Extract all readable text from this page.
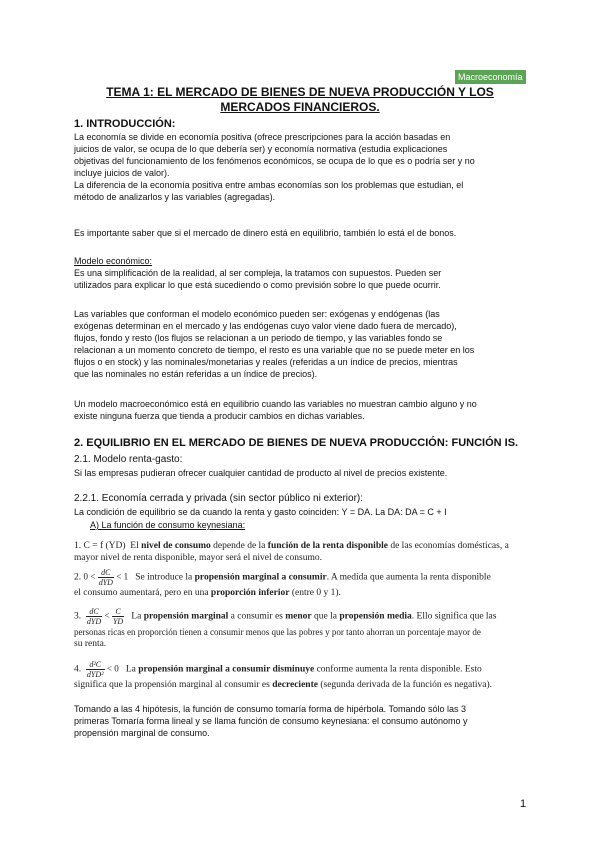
Macroeconomía
TEMA 1: EL MERCADO DE BIENES DE NUEVA PRODUCCIÓN Y LOS
MERCADOS FINANCIEROS.
1. INTRODUCCIÓN:
La economía se divide en economía positiva (ofrece prescripciones para la acción basadas en
juicios de valor, se ocupa de lo que debería ser) y economía normativa (estudia explicaciones
objetivas del funcionamiento de los fenómenos económicos, se ocupa de lo que es o podría ser y no
incluye juicios de valor).
La diferencia de la economía positiva entre ambas economías son los problemas que estudian, el
método de analizarlos y las variables (agregadas).
Es importante saber que si el mercado de dinero está en equilibrio, también lo está el de bonos.
Modelo económico:
Es una simplificación de la realidad, al ser compleja, la tratamos con supuestos. Pueden ser
utilizados para explicar lo que está sucediendo o como previsión sobre lo que puede ocurrir.
Las variables que conforman el modelo económico pueden ser: exógenas y endógenas (las
exógenas determinan en el mercado y las endógenas cuyo valor viene dado fuera de mercado),
flujos, fondo y resto (los flujos se relacionan a un periodo de tiempo, y las variables fondo se
relacionan a un momento concreto de tiempo, el resto es una variable que no se puede meter en los
flujos o en stock) y las nominales/monetarias y reales (referidas a un índice de precios, mientras
que las nominales no están referidas a un índice de precios).
Un modelo macroeconómico está en equilibrio cuando las variables no muestran cambio alguno y no
existe ninguna fuerza que tienda a producir cambios en dichas variables.
2. EQUILIBRIO EN EL MERCADO DE BIENES DE NUEVA PRODUCCIÓN: FUNCIÓN IS.
2.1. Modelo renta-gasto:
Si las empresas pudieran ofrecer cualquier cantidad de producto al nivel de precios existente.
2.2.1. Economía cerrada y privada (sin sector público ni exterior):
La condición de equilibrio se da cuando la renta y gasto coinciden: Y = DA. La DA: DA = C + I
A) La función de consumo keynesiana:
1. C = f (YD) El nivel de consumo depende de la función de la renta disponible de las economías domésticas, a
mayor nivel de renta disponible, mayor será el nivel de consumo.
2. $0 < \frac{dC}{\text{dYD}} < 1$ Se introduce la propensión marginal a consumir. A medida que aumenta la renta disponible
el consumo aumentará, pero en una proporción inferior (entre 0 y 1).
3. $\frac{dC}{\text{dYD}} < \frac{C}{YD}$ La propensión marginal a consumir es menor que la propensión media. Ello significa que las
personas ricas en proporción tienen a consumir menos que las pobres y por tanto ahorran un porcentaje mayor de
su renta.
4. $\frac{\text{d²C}}{\text{dYD²}} < 0$ La propensión marginal a consumir disminuye conforme aumenta la renta disponible. Esto
significa que la propensión marginal al consumir es decreciente (segunda derivada de la función es negativa).
Tomando a las 4 hipótesis, la función de consumo tomaría forma de hipérbola. Tomando sólo las 3
primeras Tomaría forma lineal y se llama función de consumo keynesiana: el consumo autónomo y
propensión marginal de consumo.
1
